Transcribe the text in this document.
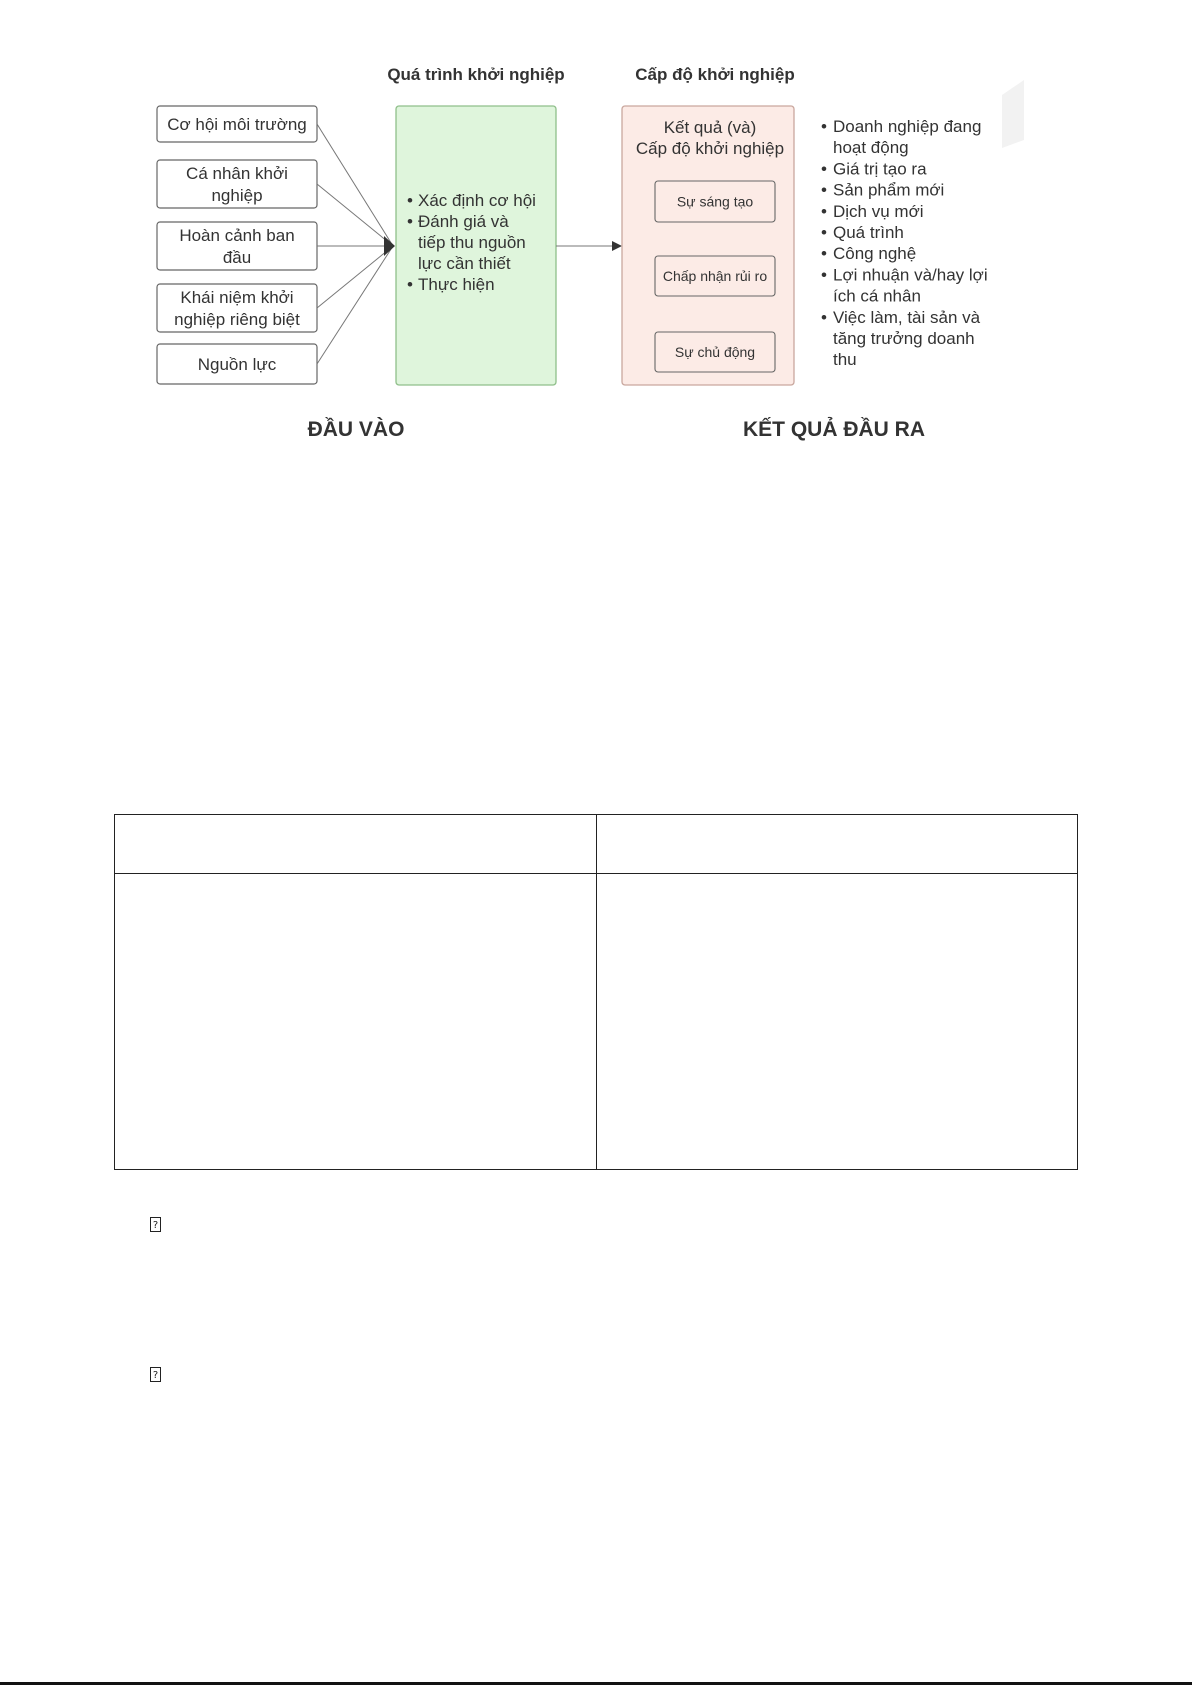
Cơ hội môi trường
Cá nhân khởi
nghiệp
Hoàn cảnh ban
đầu
Khái niệm khởi
nghiệp riêng biệt
Nguồn lực
Xác định cơ hội
•
Đánh giá và
•
tiếp thu nguồn
lực cần thiết
Thực hiện
•
Kết quả (và)
Cấp độ khởi nghiệp
Sự sáng tạo
Chấp nhận rủi ro
Sự chủ động
Doanh nghiệp đang
•
hoạt động
Giá trị tạo ra
•
Sản phẩm mới
•
Dịch vụ mới
•
Quá trình
•
Công nghệ
•
Lợi nhuận và/hay lợi
•
ích cá nhân
Việc làm, tài sản và
•
tăng trưởng doanh
thu
Quá trình khởi nghiệp	Cấp độ khởi nghiệp
ĐẦU VÀO	KẾT QUẢ ĐẦU RA

?
?
